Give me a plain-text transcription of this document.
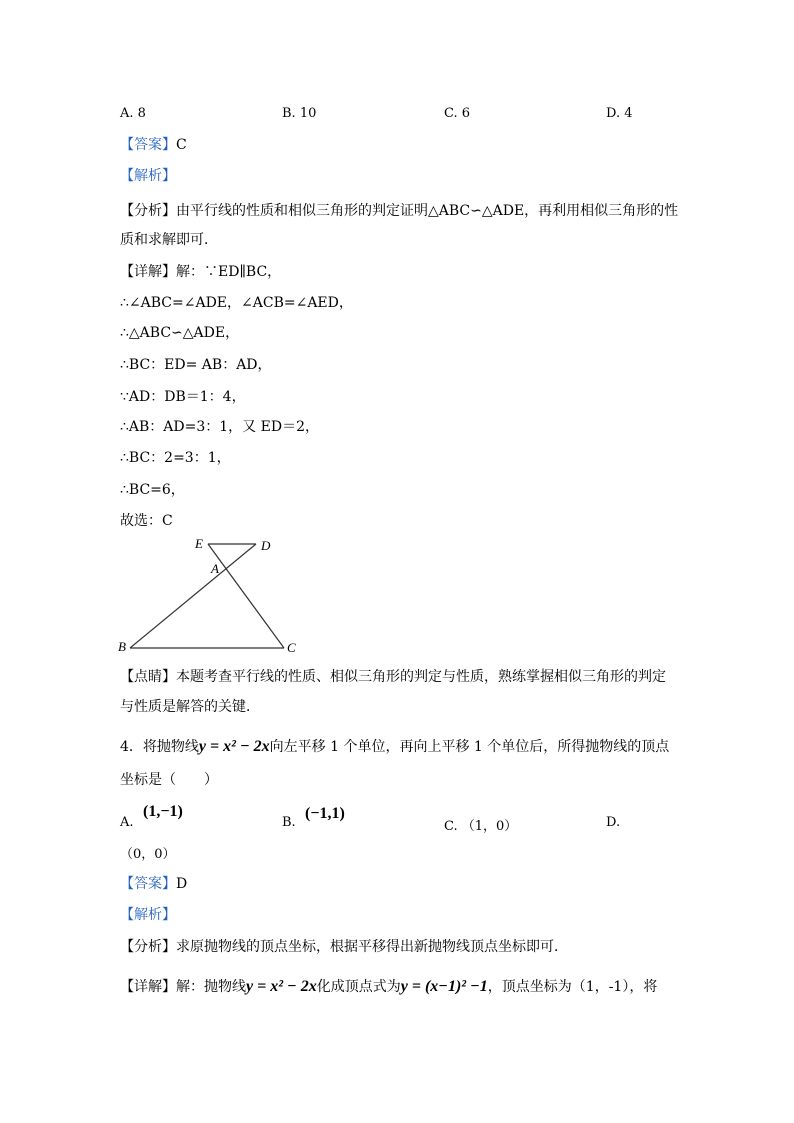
A. 8	B. 10	C. 6	D. 4
【答案】C
【解析】
【分析】由平行线的性质和相似三角形的判定证明△ABC∽△ADE，再利用相似三角形的性
质和求解即可．
【详解】解：∵ED∥BC，
∴∠ABC=∠ADE，∠ACB=∠AED，
∴△ABC∽△ADE，
∴BC：ED= AB：AD，
∵AD：DB＝1：4，
∴AB：AD=3：1，又 ED＝2，
∴BC：2=3：1，
∴BC=6，
故选：C
E	D
A
B	C
【点睛】本题考查平行线的性质、相似三角形的判定与性质，熟练掌握相似三角形的判定
与性质是解答的关键．
4．将抛物线y = x² − 2x向左平移 1 个单位，再向上平移 1 个单位后，所得抛物线的顶点
坐标是（　　）
A.
(1,−1)
B.
(−1,1)
C. （1，0）	D.
（0，0）
【答案】D
【解析】
【分析】求原抛物线的顶点坐标，根据平移得出新抛物线顶点坐标即可．
【详解】解：抛物线y = x² − 2x化成顶点式为y = (x−1)² −1，顶点坐标为（1，-1），将
